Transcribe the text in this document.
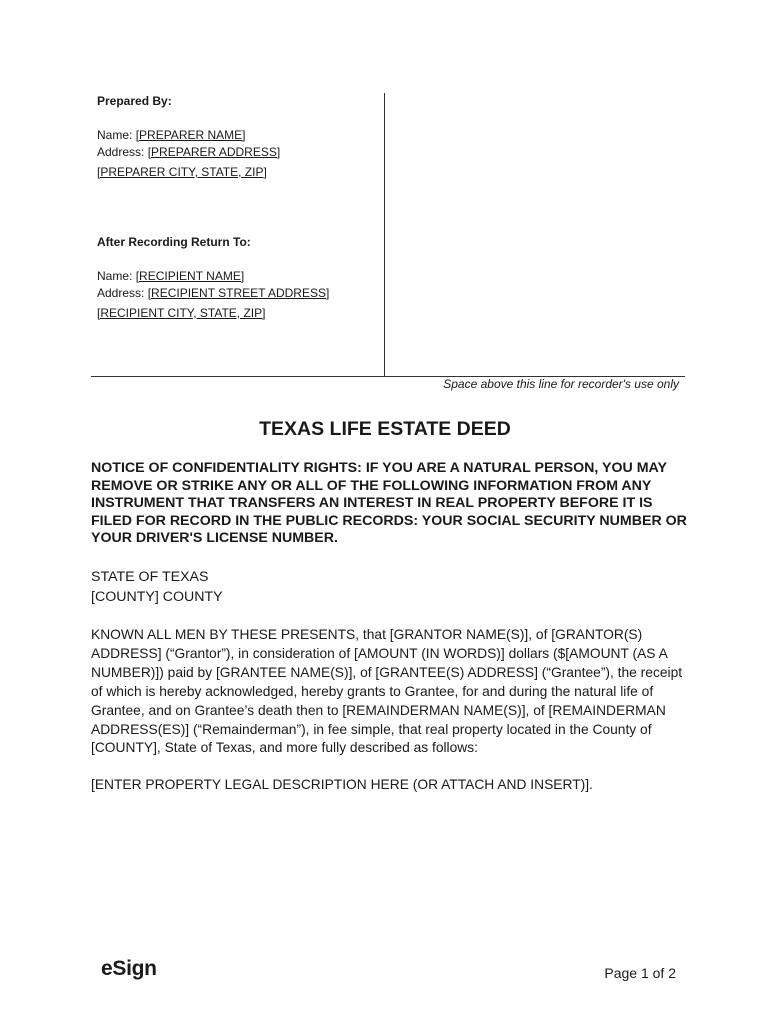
Prepared By:
Name: [PREPARER NAME]
Address: [PREPARER ADDRESS]
[PREPARER CITY, STATE, ZIP]
After Recording Return To:
Name: [RECIPIENT NAME]
Address: [RECIPIENT STREET ADDRESS]
[RECIPIENT CITY, STATE, ZIP]
Space above this line for recorder's use only
TEXAS LIFE ESTATE DEED
NOTICE OF CONFIDENTIALITY RIGHTS: IF YOU ARE A NATURAL PERSON, YOU MAY REMOVE OR STRIKE ANY OR ALL OF THE FOLLOWING INFORMATION FROM ANY INSTRUMENT THAT TRANSFERS AN INTEREST IN REAL PROPERTY BEFORE IT IS FILED FOR RECORD IN THE PUBLIC RECORDS: YOUR SOCIAL SECURITY NUMBER OR YOUR DRIVER'S LICENSE NUMBER.
STATE OF TEXAS
[COUNTY] COUNTY
KNOWN ALL MEN BY THESE PRESENTS, that [GRANTOR NAME(S)], of [GRANTOR(S) ADDRESS] (“Grantor”), in consideration of [AMOUNT (IN WORDS)] dollars ($[AMOUNT (AS A NUMBER)]) paid by [GRANTEE NAME(S)], of [GRANTEE(S) ADDRESS] (“Grantee”), the receipt of which is hereby acknowledged, hereby grants to Grantee, for and during the natural life of Grantee, and on Grantee’s death then to [REMAINDERMAN NAME(S)], of [REMAINDERMAN ADDRESS(ES)] (“Remainderman”), in fee simple, that real property located in the County of [COUNTY], State of Texas, and more fully described as follows:
[ENTER PROPERTY LEGAL DESCRIPTION HERE (OR ATTACH AND INSERT)].
eSign	Page 1 of 2
